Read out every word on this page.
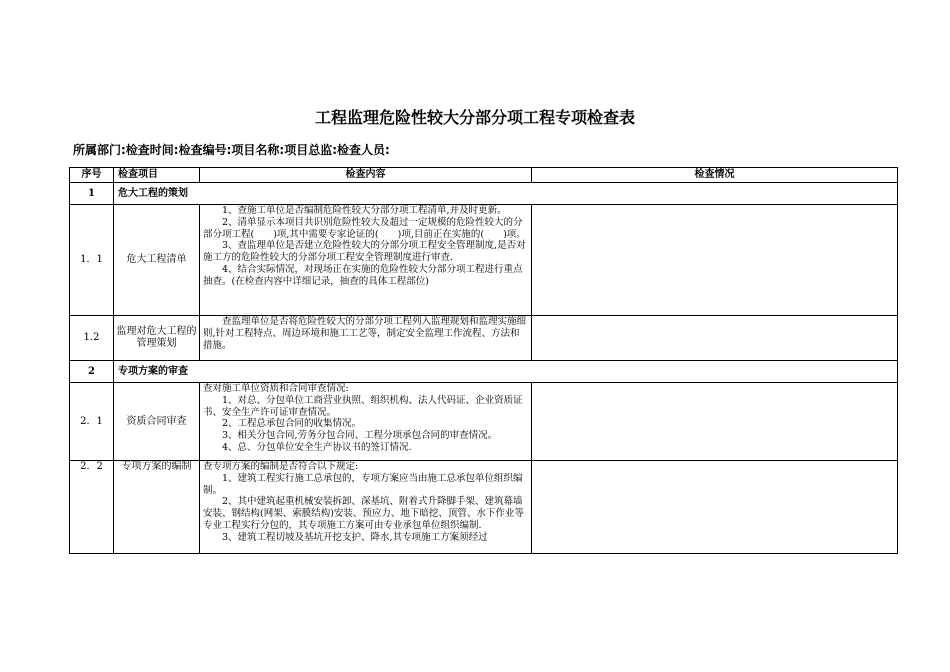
工程监理危险性较大分部分项工程专项检查表
所属部门:检查时间:检查编号:项目名称:项目总监:检查人员:
序号	检查项目	检查内容	检查情况
1	危大工程的策划		
1．1	危大工程清单	1、查施工单位是否编制危险性较大分部分项工程清单,并及时更新。

2、清单显示本项目共识别危险性较大及超过一定规模的危险性较大的分部分项工程(　　)项,其中需要专家论证的(　　)项,目前正在实施的(　　)项。

3、查监理单位是否建立危险性较大的分部分项工程安全管理制度,是否对施工方的危险性较大的分部分项工程安全管理制度进行审查.

4、结合实际情况，对现场正在实施的危险性较大分部分项工程进行重点抽查。(在检查内容中详细记录，抽查的具体工程部位)	

1.2	监理对危大工程的管理策划	查监理单位是否将危险性较大的分部分项工程列入监理规划和监理实施细则,针对工程特点、周边环境和施工工艺等，制定安全监理工作流程、方法和措施。	

2	专项方案的审查		
2．1	资质合同审查	查对施工单位资质和合同审查情况:

1、对总、分包单位工商营业执照、组织机构、法人代码证、企业资质证书、安全生产许可证审查情况。

2、工程总承包合同的收集情况。

3、相关分包合同,劳务分包合同、工程分项承包合同的审查情况。

4、总、分包单位安全生产协议书的签订情况.	

2．2	专项方案的编制	查专项方案的编制是否符合以下规定:

1、建筑工程实行施工总承包的，专项方案应当由施工总承包单位组织编制。

2、其中建筑起重机械安装拆卸、深基坑、附着式升降脚手架、建筑幕墙安装、钢结构(网架、索膜结构)安装、预应力、地下暗挖、顶管、水下作业等专业工程实行分包的，其专项施工方案可由专业承包单位组织编制.

3、建筑工程切坡及基坑开挖支护、降水,其专项施工方案须经过	
